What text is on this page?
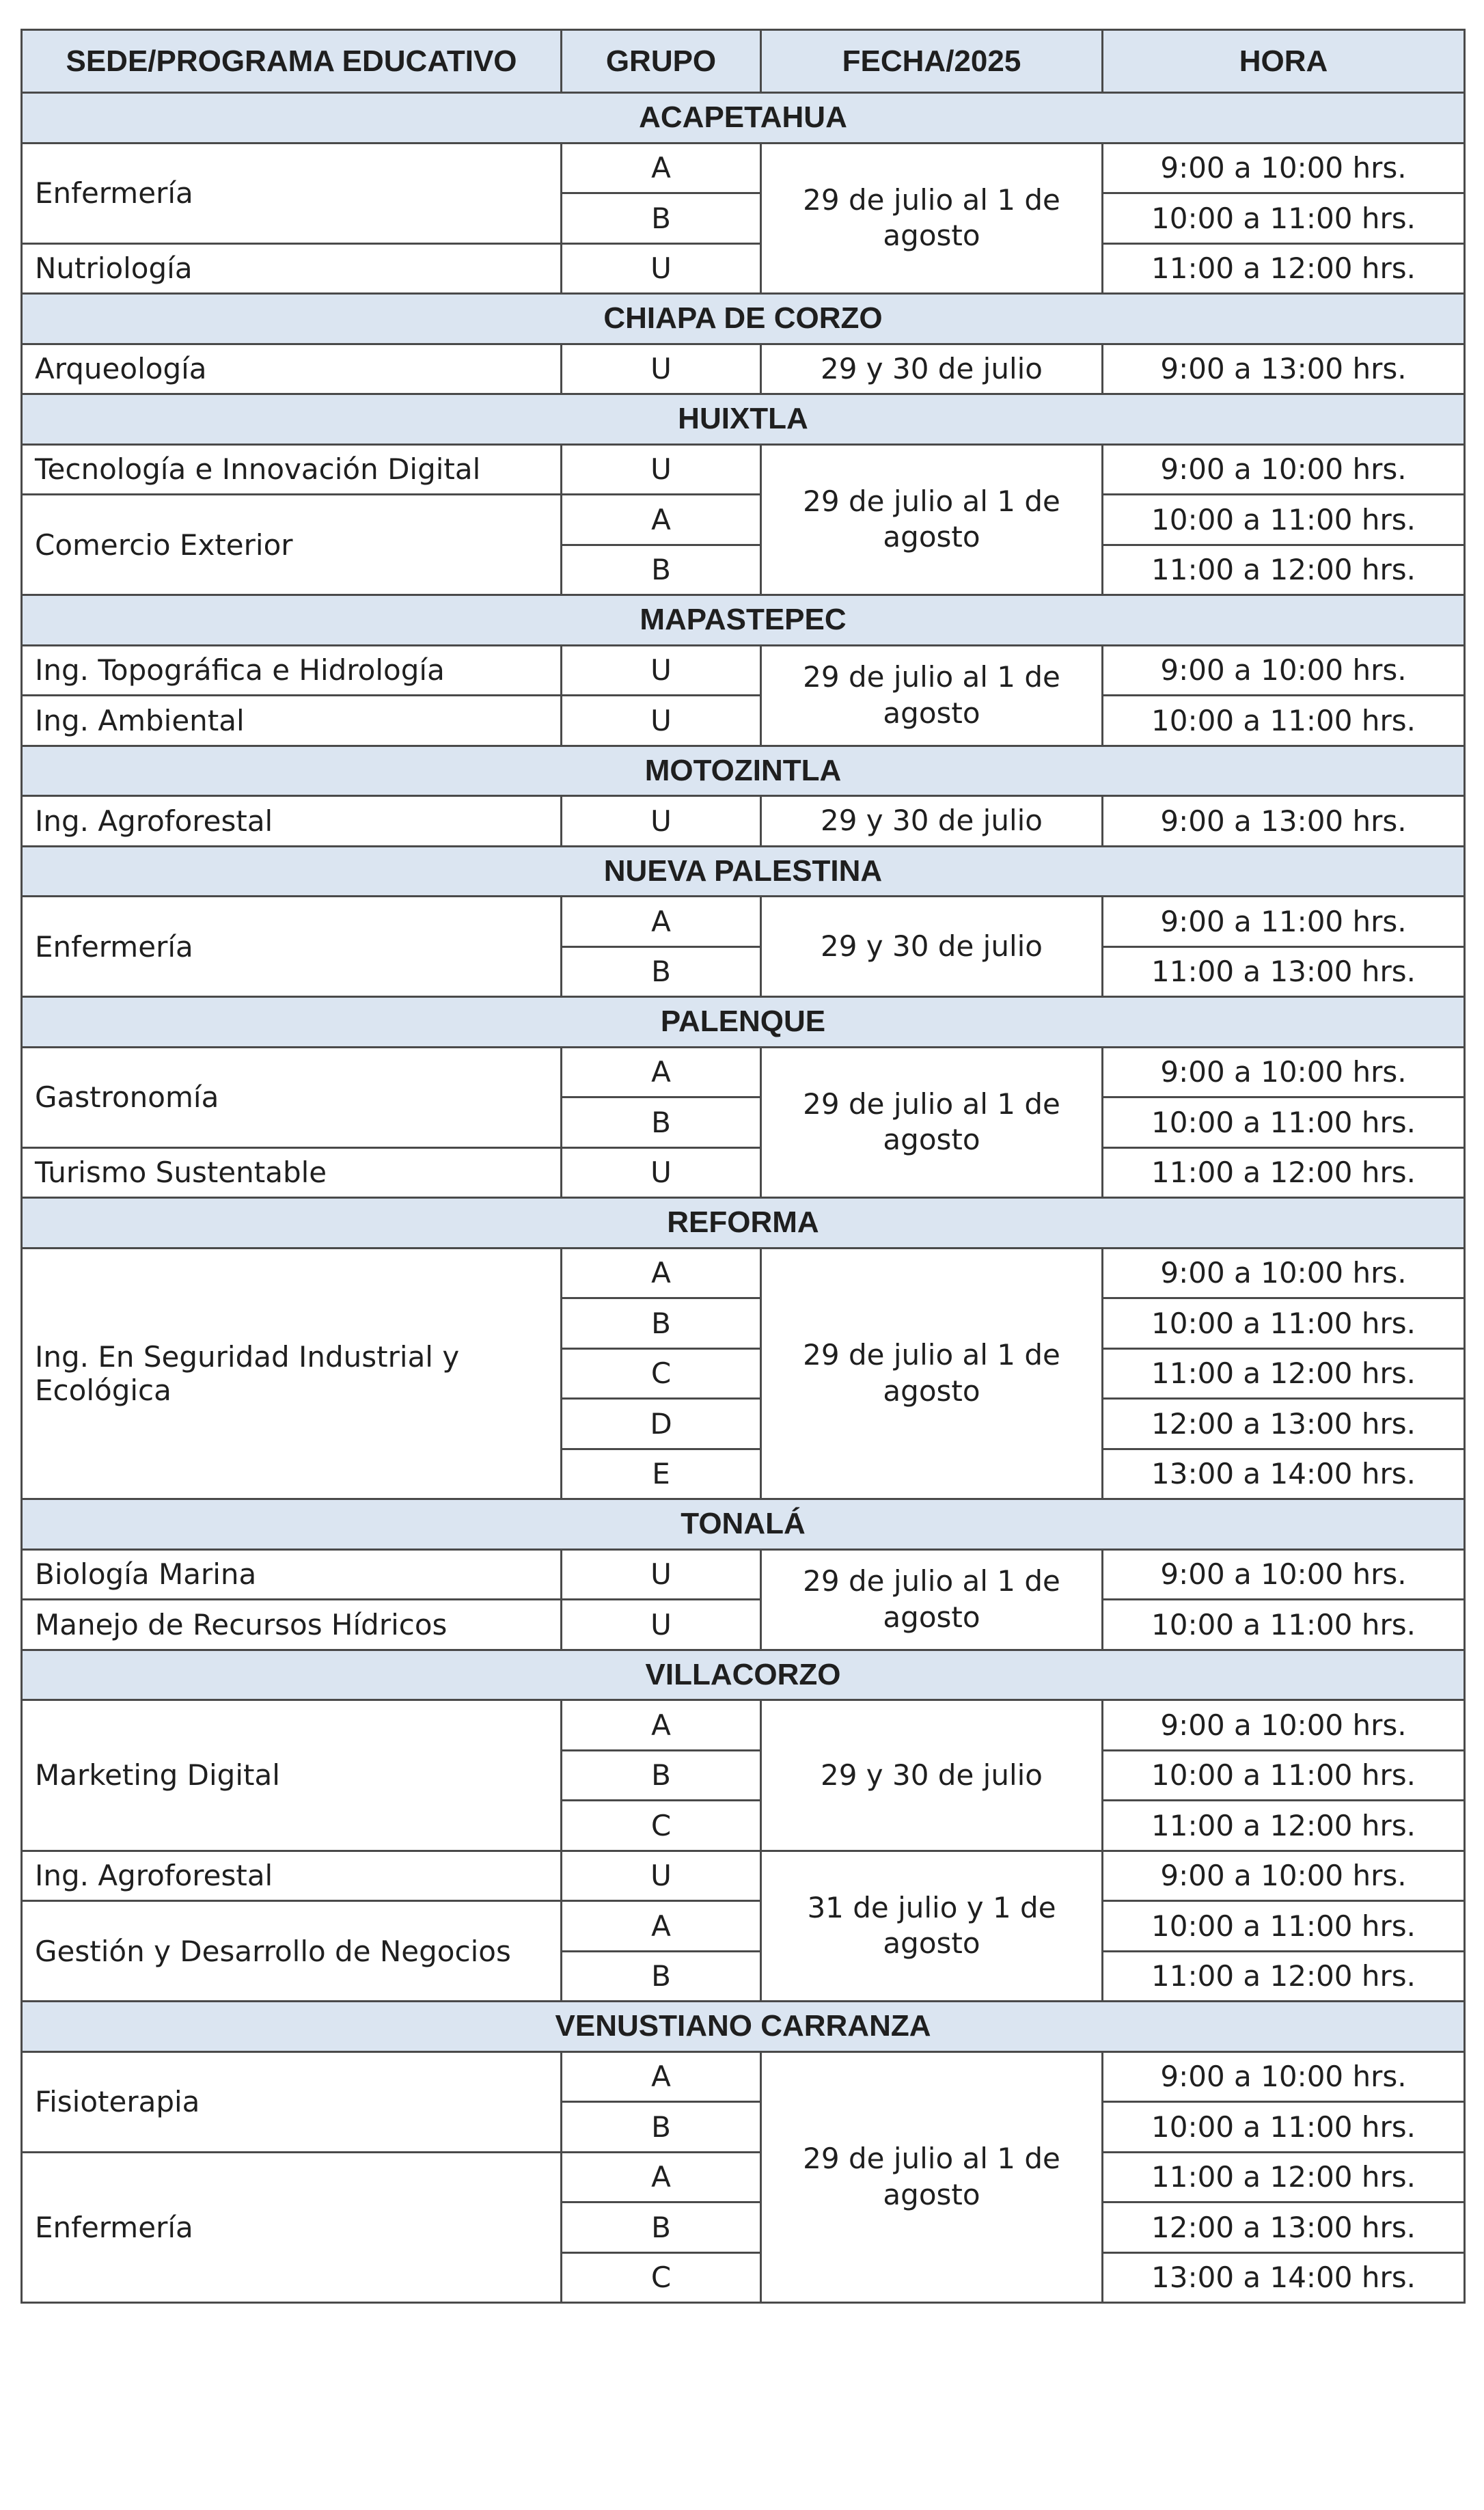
SEDE/PROGRAMA EDUCATIVO	GRUPO	FECHA/2025	HORA
ACAPETAHUA			
Enfermería	A	29 de julio al 1 de agosto	9:00 a 10:00 hrs.
	B		10:00 a 11:00 hrs.
Nutriología	U		11:00 a 12:00 hrs.
CHIAPA DE CORZO			
Arqueología	U	29 y 30 de julio	9:00 a 13:00 hrs.
HUIXTLA			
Tecnología e Innovación Digital	U	29 de julio al 1 de agosto	9:00 a 10:00 hrs.
Comercio Exterior	A		10:00 a 11:00 hrs.
	B		11:00 a 12:00 hrs.
MAPASTEPEC			
Ing. Topográfica e Hidrología	U	29 de julio al 1 de agosto	9:00 a 10:00 hrs.
Ing. Ambiental	U		10:00 a 11:00 hrs.
MOTOZINTLA			
Ing. Agroforestal	U	29 y 30 de julio	9:00 a 13:00 hrs.
NUEVA PALESTINA			
Enfermería	A	29 y 30 de julio	9:00 a 11:00 hrs.
	B		11:00 a 13:00 hrs.
PALENQUE			
Gastronomía	A	29 de julio al 1 de agosto	9:00 a 10:00 hrs.
	B		10:00 a 11:00 hrs.
Turismo Sustentable	U		11:00 a 12:00 hrs.
REFORMA			
Ing. En Seguridad Industrial y Ecológica	A	29 de julio al 1 de agosto	9:00 a 10:00 hrs.
	B		10:00 a 11:00 hrs.
	C		11:00 a 12:00 hrs.
	D		12:00 a 13:00 hrs.
	E		13:00 a 14:00 hrs.
TONALÁ			
Biología Marina	U	29 de julio al 1 de agosto	9:00 a 10:00 hrs.
Manejo de Recursos Hídricos	U		10:00 a 11:00 hrs.
VILLACORZO			
Marketing Digital	A	29 y 30 de julio	9:00 a 10:00 hrs.
	B		10:00 a 11:00 hrs.
	C		11:00 a 12:00 hrs.
Ing. Agroforestal	U	31 de julio y 1 de agosto	9:00 a 10:00 hrs.
Gestión y Desarrollo de Negocios	A		10:00 a 11:00 hrs.
	B		11:00 a 12:00 hrs.
VENUSTIANO CARRANZA			
Fisioterapia	A	29 de julio al 1 de agosto	9:00 a 10:00 hrs.
	B		10:00 a 11:00 hrs.
Enfermería	A		11:00 a 12:00 hrs.
	B		12:00 a 13:00 hrs.
	C		13:00 a 14:00 hrs.
